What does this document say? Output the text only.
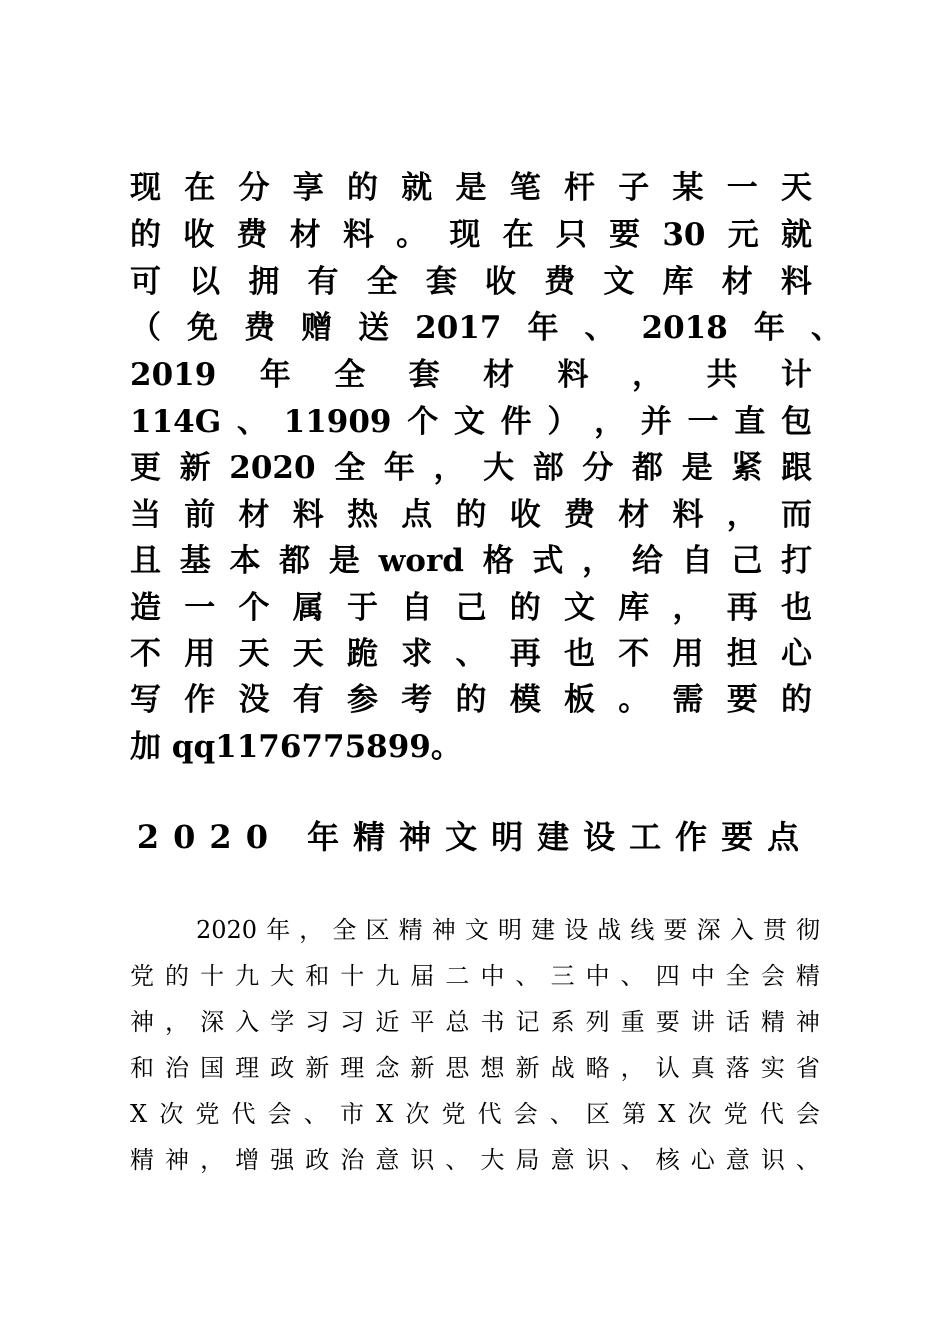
现 在 分 享 的 就 是 笔 杆 子 某 一 天
的 收 费 材 料 。 现 在 只 要 30 元 就
可 以 拥 有 全 套 收 费 文 库 材 料
（ 免 费 赠 送 2017 年 、 2018 年 、
2019 年 全 套 材 料 ， 共 计
114G 、 11909 个 文 件 ） ， 并 一 直 包
更 新 2020 全 年 ， 大 部 分 都 是 紧 跟
当 前 材 料 热 点 的 收 费 材 料 ， 而
且 基 本 都 是 word 格 式 ， 给 自 己 打
造 一 个 属 于 自 己 的 文 库 ， 再 也
不 用 天 天 跪 求 、 再 也 不 用 担 心
写 作 没 有 参 考 的 模 板 。 需 要 的
加 qq1176775899。
2020 年精神文明建设工作要点
2020 年 ， 全 区 精 神 文 明 建 设 战 线 要 深 入 贯 彻
党 的 十 九 大 和 十 九 届 二 中 、 三 中 、 四 中 全 会 精
神 ， 深 入 学 习 习 近 平 总 书 记 系 列 重 要 讲 话 精 神
和 治 国 理 政 新 理 念 新 思 想 新 战 略 ， 认 真 落 实 省
X 次 党 代 会 、 市 X 次 党 代 会 、 区 第 X 次 党 代 会
精 神 ， 增 强 政 治 意 识 、 大 局 意 识 、 核 心 意 识 、
